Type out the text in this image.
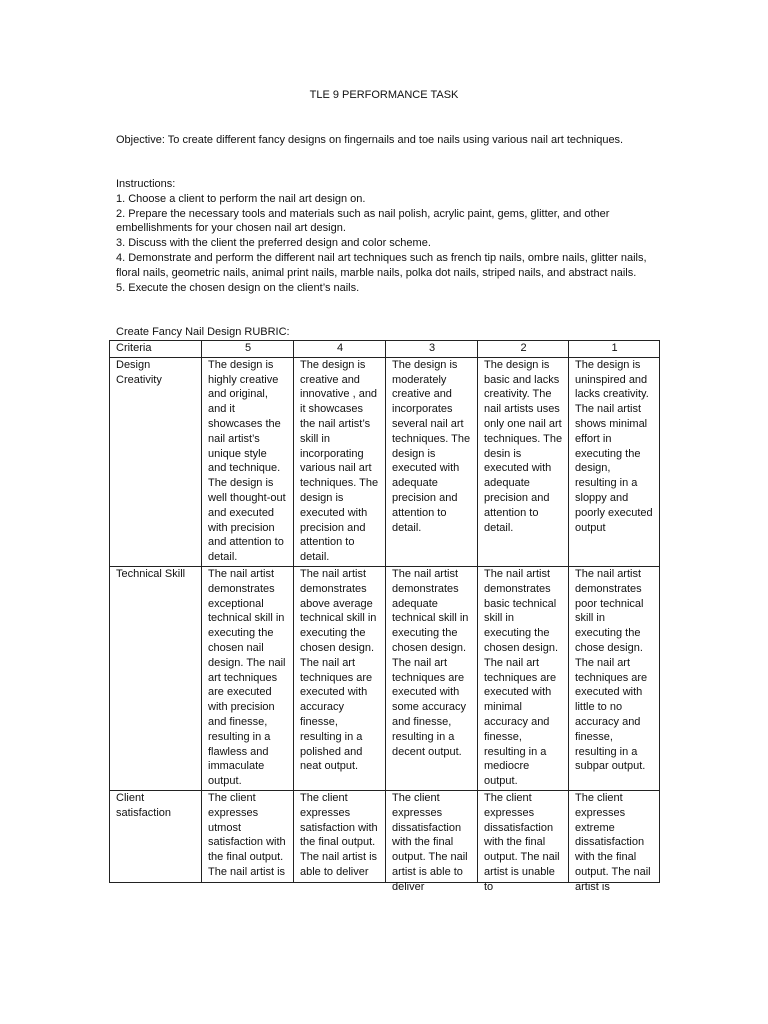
TLE 9 PERFORMANCE TASK
Objective: To create different fancy designs on fingernails and toe nails using various nail art techniques.
Instructions:
1. Choose a client to perform the nail art design on.
2. Prepare the necessary tools and materials such as nail polish, acrylic paint, gems, glitter, and other embellishments for your chosen nail art design.
3. Discuss with the client the preferred design and color scheme.
4. Demonstrate and perform the different nail art techniques such as french tip nails, ombre nails, glitter nails, floral nails, geometric nails, animal print nails, marble nails, polka dot nails, striped nails, and abstract nails.
5. Execute the chosen design on the client’s nails.
Create Fancy Nail Design RUBRIC:
Criteria	5	4	3	2	1
Design Creativity	The design is highly creative and original, and it showcases the nail artist’s unique style and technique. The design is well thought-out and executed with precision and attention to detail.	The design is creative and innovative , and it showcases the nail artist’s skill in incorporating various nail art techniques. The design is executed with precision and attention to detail.	The design is moderately creative and incorporates several nail art techniques. The design is executed with adequate precision and attention to detail.	The design is basic and lacks creativity. The nail artists uses only one nail art techniques. The desin is executed with adequate precision and attention to detail.	The design is uninspired and lacks creativity. The nail artist shows minimal effort in executing the design, resulting in a sloppy and poorly executed output
Technical Skill	The nail artist demonstrates exceptional technical skill in executing the chosen nail design. The nail art techniques are executed with precision and finesse, resulting in a flawless and immaculate output.	The nail artist demonstrates above average technical skill in executing the chosen design. The nail art techniques are executed with accuracy finesse, resulting in a polished and neat output.	The nail artist demonstrates adequate technical skill in executing the chosen design. The nail art techniques are executed with some accuracy and finesse, resulting in a decent output.	The nail artist demonstrates basic technical skill in executing the chosen design. The nail art techniques are executed with minimal accuracy and finesse, resulting in a mediocre output.	The nail artist demonstrates poor technical skill in executing the chose design. The nail art techniques are executed with little to no accuracy and finesse, resulting in a subpar output.
Client satisfaction	The client expresses utmost satisfaction with the final output. The nail artist is	The client expresses satisfaction with the final output. The nail artist is able to deliver	The client expresses dissatisfaction with the final output. The nail artist is able to deliver	The client expresses dissatisfaction with the final output. The nail artist is unable to	The client expresses extreme dissatisfaction with the final output. The nail artist is
